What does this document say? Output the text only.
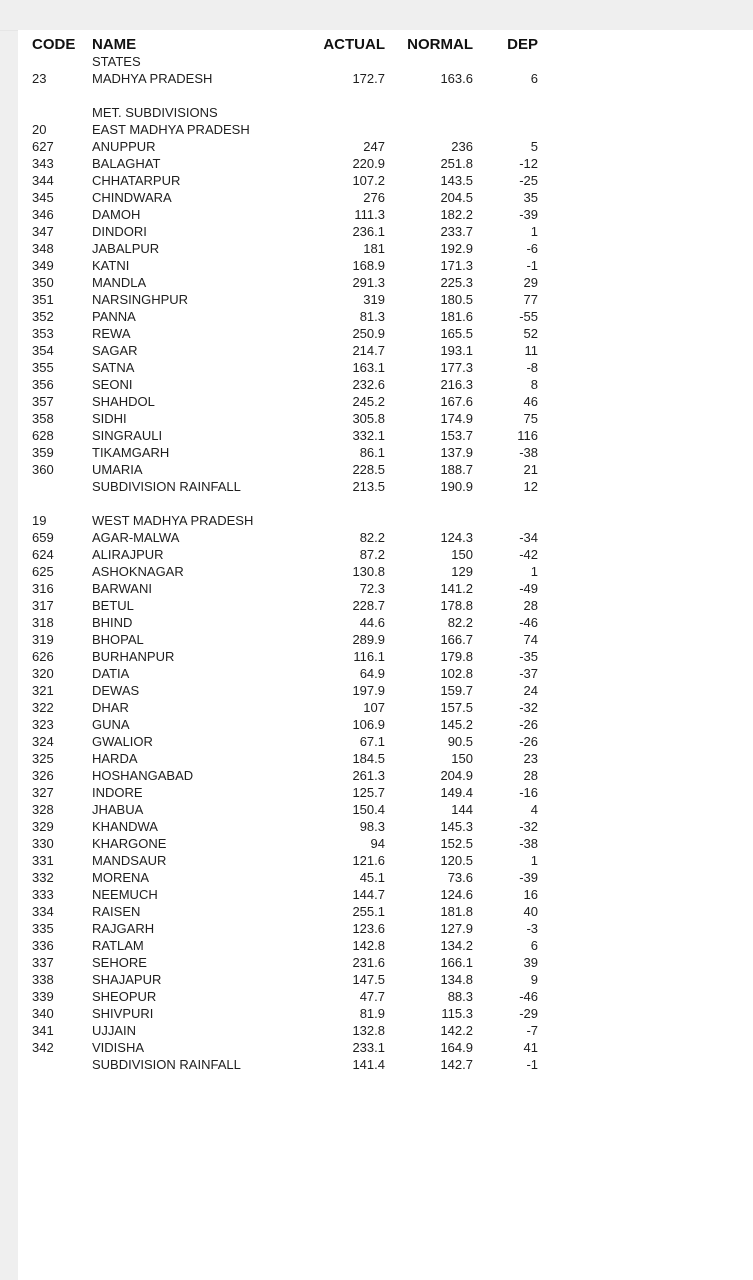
CODE	NAME	ACTUAL	NORMAL	DEP	
	STATES				
23	MADHYA PRADESH	172.7	163.6	6	

	MET. SUBDIVISIONS				
20	EAST MADHYA PRADESH				
627	ANUPPUR	247	236	5	
343	BALAGHAT	220.9	251.8	-12	
344	CHHATARPUR	107.2	143.5	-25	
345	CHINDWARA	276	204.5	35	
346	DAMOH	111.3	182.2	-39	
347	DINDORI	236.1	233.7	1	
348	JABALPUR	181	192.9	-6	
349	KATNI	168.9	171.3	-1	
350	MANDLA	291.3	225.3	29	
351	NARSINGHPUR	319	180.5	77	
352	PANNA	81.3	181.6	-55	
353	REWA	250.9	165.5	52	
354	SAGAR	214.7	193.1	11	
355	SATNA	163.1	177.3	-8	
356	SEONI	232.6	216.3	8	
357	SHAHDOL	245.2	167.6	46	
358	SIDHI	305.8	174.9	75	
628	SINGRAULI	332.1	153.7	116	
359	TIKAMGARH	86.1	137.9	-38	
360	UMARIA	228.5	188.7	21	
	SUBDIVISION RAINFALL	213.5	190.9	12	

19	WEST MADHYA PRADESH				
659	AGAR-MALWA	82.2	124.3	-34	
624	ALIRAJPUR	87.2	150	-42	
625	ASHOKNAGAR	130.8	129	1	
316	BARWANI	72.3	141.2	-49	
317	BETUL	228.7	178.8	28	
318	BHIND	44.6	82.2	-46	
319	BHOPAL	289.9	166.7	74	
626	BURHANPUR	116.1	179.8	-35	
320	DATIA	64.9	102.8	-37	
321	DEWAS	197.9	159.7	24	
322	DHAR	107	157.5	-32	
323	GUNA	106.9	145.2	-26	
324	GWALIOR	67.1	90.5	-26	
325	HARDA	184.5	150	23	
326	HOSHANGABAD	261.3	204.9	28	
327	INDORE	125.7	149.4	-16	
328	JHABUA	150.4	144	4	
329	KHANDWA	98.3	145.3	-32	
330	KHARGONE	94	152.5	-38	
331	MANDSAUR	121.6	120.5	1	
332	MORENA	45.1	73.6	-39	
333	NEEMUCH	144.7	124.6	16	
334	RAISEN	255.1	181.8	40	
335	RAJGARH	123.6	127.9	-3	
336	RATLAM	142.8	134.2	6	
337	SEHORE	231.6	166.1	39	
338	SHAJAPUR	147.5	134.8	9	
339	SHEOPUR	47.7	88.3	-46	
340	SHIVPURI	81.9	115.3	-29	
341	UJJAIN	132.8	142.2	-7	
342	VIDISHA	233.1	164.9	41	
	SUBDIVISION RAINFALL	141.4	142.7	-1	
